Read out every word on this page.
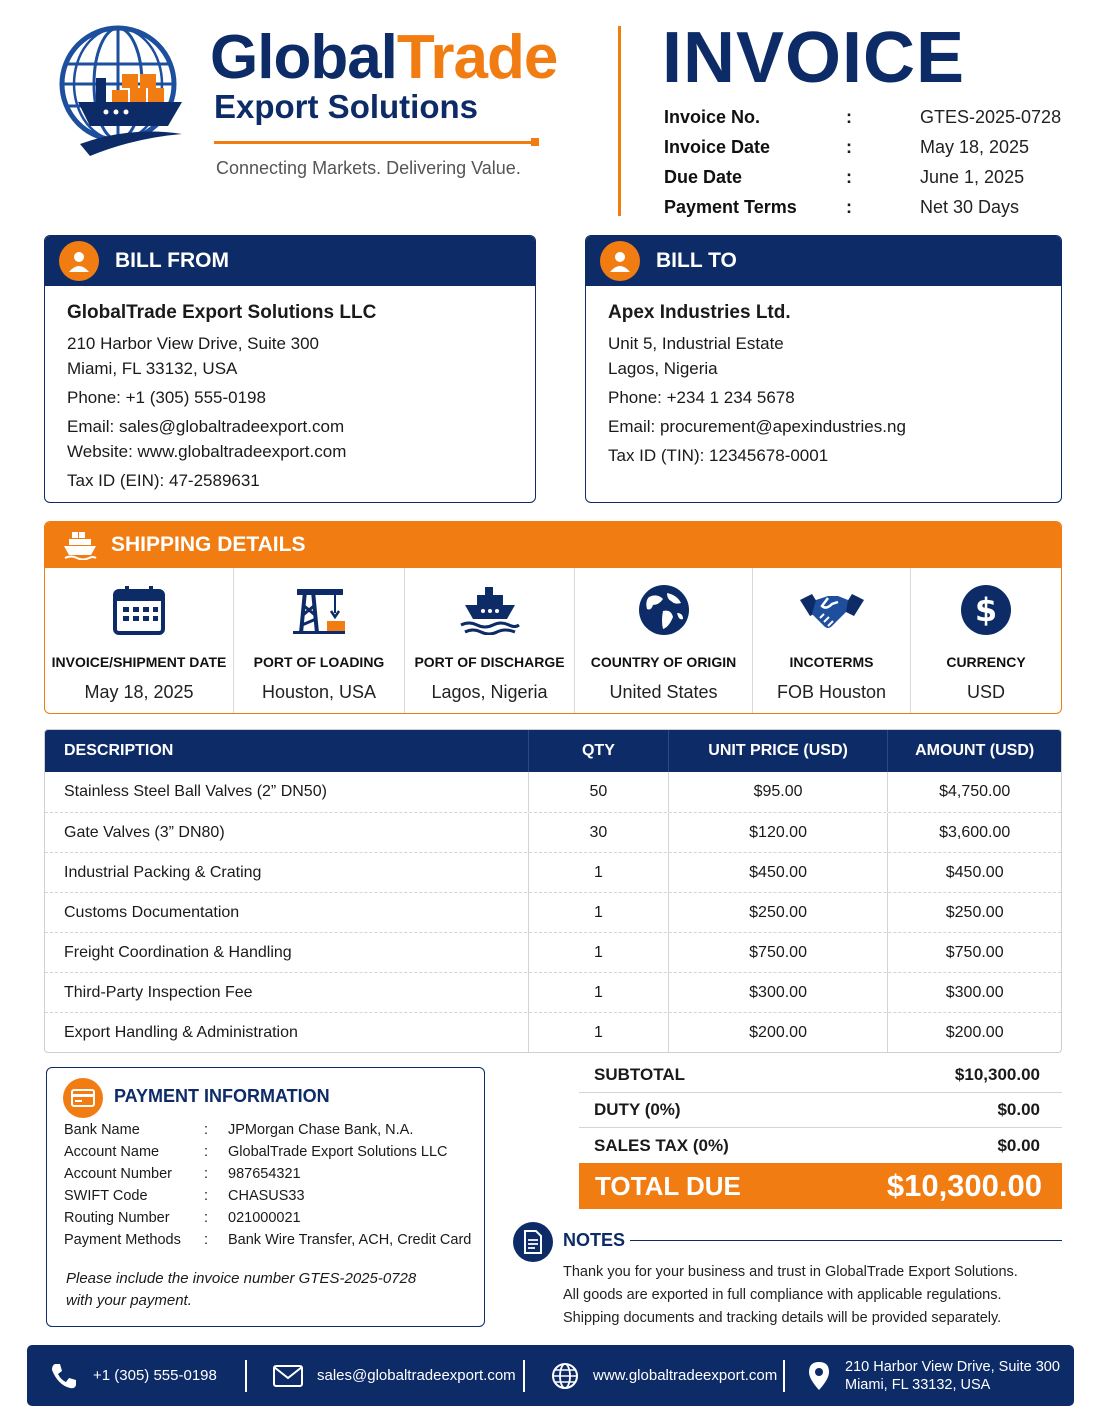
GlobalTrade
Export Solutions
Connecting Markets. Delivering Value.
INVOICE
Invoice No.	:	GTES-2025-0728
Invoice Date	:	May 18, 2025
Due Date	:	June 1, 2025
Payment Terms	:	Net 30 Days
BILL FROM
GlobalTrade Export Solutions LLC
210 Harbor View Drive, Suite 300
Miami, FL 33132, USA
Phone: +1 (305) 555-0198
Email: sales@globaltradeexport.com
Website: www.globaltradeexport.com
Tax ID (EIN): 47-2589631
BILL TO
Apex Industries Ltd.
Unit 5, Industrial Estate
Lagos, Nigeria
Phone: +234 1 234 5678
Email: procurement@apexindustries.ng
Tax ID (TIN): 12345678-0001
SHIPPING DETAILS
INVOICE/SHIPMENT DATE
May 18, 2025
PORT OF LOADING
Houston, USA
PORT OF DISCHARGE
Lagos, Nigeria
COUNTRY OF ORIGIN
United States
INCOTERMS
FOB Houston
$
CURRENCY
USD
DESCRIPTION	QTY	UNIT PRICE (USD)	AMOUNT (USD)
Stainless Steel Ball Valves (2” DN50)	50	$95.00	$4,750.00
Gate Valves (3” DN80)	30	$120.00	$3,600.00
Industrial Packing & Crating	1	$450.00	$450.00
Customs Documentation	1	$250.00	$250.00
Freight Coordination & Handling	1	$750.00	$750.00
Third-Party Inspection Fee	1	$300.00	$300.00
Export Handling & Administration	1	$200.00	$200.00
PAYMENT INFORMATION
Bank Name	:	JPMorgan Chase Bank, N.A.
Account Name	:	GlobalTrade Export Solutions LLC
Account Number	:	987654321
SWIFT Code	:	CHASUS33
Routing Number	:	021000021
Payment Methods	:	Bank Wire Transfer, ACH, Credit Card
Please include the invoice number GTES-2025-0728
with your payment.
SUBTOTAL	$10,300.00
DUTY (0%)	$0.00
SALES TAX (0%)	$0.00
TOTAL DUE	$10,300.00
NOTES
Thank you for your business and trust in GlobalTrade Export Solutions.
All goods are exported in full compliance with applicable regulations.
Shipping documents and tracking details will be provided separately.
+1 (305) 555-0198	sales@globaltradeexport.com	www.globaltradeexport.com
210 Harbor View Drive, Suite 300
Miami, FL 33132, USA
